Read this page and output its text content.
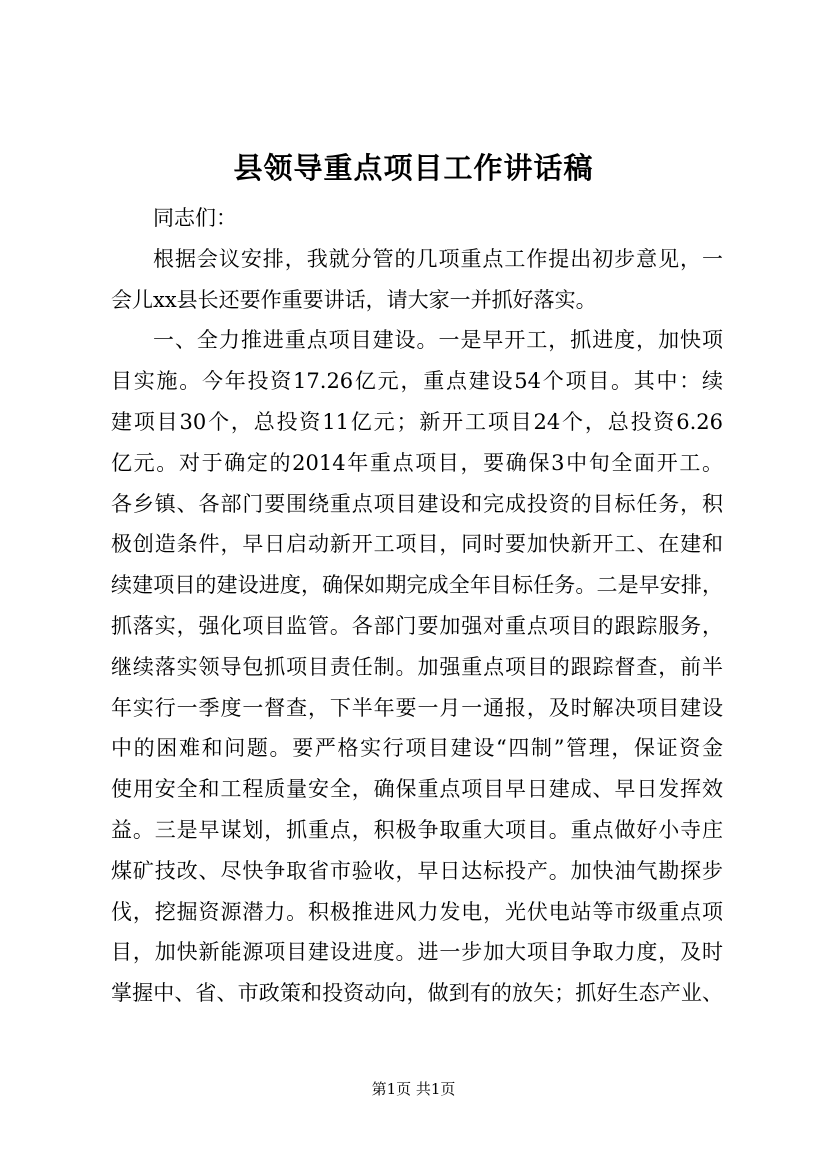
县领导重点项目工作讲话稿
同志们：
根据会议安排，我就分管的几项重点工作提出初步意见，一
会儿xx县长还要作重要讲话，请大家一并抓好落实。
一、全力推进重点项目建设。一是早开工，抓进度，加快项
目实施。今年投资17.26亿元，重点建设54个项目。其中：续
建项目30个，总投资11亿元；新开工项目24个，总投资6.26
亿元。对于确定的2014年重点项目，要确保3中旬全面开工。
各乡镇、各部门要围绕重点项目建设和完成投资的目标任务，积
极创造条件，早日启动新开工项目，同时要加快新开工、在建和
续建项目的建设进度，确保如期完成全年目标任务。二是早安排，
抓落实，强化项目监管。各部门要加强对重点项目的跟踪服务，
继续落实领导包抓项目责任制。加强重点项目的跟踪督查，前半
年实行一季度一督查，下半年要一月一通报，及时解决项目建设
中的困难和问题。要严格实行项目建设“四制”管理，保证资金
使用安全和工程质量安全，确保重点项目早日建成、早日发挥效
益。三是早谋划，抓重点，积极争取重大项目。重点做好小寺庄
煤矿技改、尽快争取省市验收，早日达标投产。加快油气勘探步
伐，挖掘资源潜力。积极推进风力发电，光伏电站等市级重点项
目，加快新能源项目建设进度。进一步加大项目争取力度，及时
掌握中、省、市政策和投资动向，做到有的放矢；抓好生态产业、
第1页 共1页
